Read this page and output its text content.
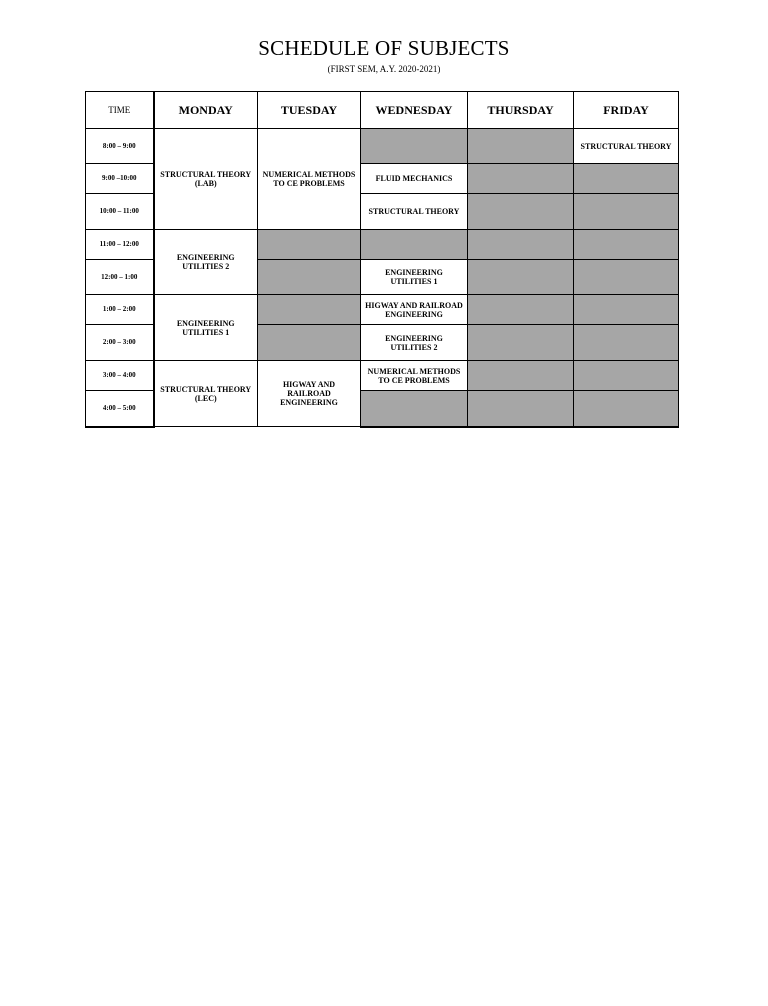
SCHEDULE OF SUBJECTS
(FIRST SEM, A.Y. 2020-2021)
TIME	MONDAY	TUESDAY	WEDNESDAY	THURSDAY	FRIDAY
8:00 – 9:00	STRUCTURAL THEORY (LAB)	NUMERICAL METHODS TO CE PROBLEMS			STRUCTURAL THEORY
9:00 –10:00			FLUID MECHANICS		
10:00 – 11:00			STRUCTURAL THEORY		
11:00 – 12:00	ENGINEERING UTILITIES 2				
12:00 – 1:00			ENGINEERING UTILITIES 1		
1:00 – 2:00	ENGINEERING UTILITIES 1		HIGWAY AND RAILROAD ENGINEERING		
2:00 – 3:00			ENGINEERING UTILITIES 2		
3:00 – 4:00	STRUCTURAL THEORY (LEC)	HIGWAY AND RAILROAD ENGINEERING	NUMERICAL METHODS TO CE PROBLEMS		
4:00 – 5:00					
